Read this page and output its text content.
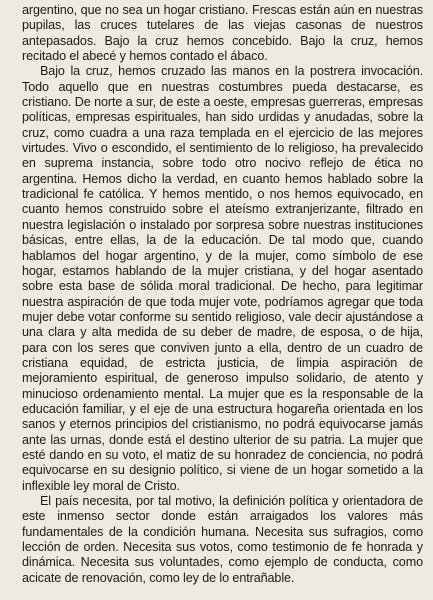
argentino, que no sea un hogar cristiano. Frescas están aún en nuestras pupilas, las cruces tutelares de las viejas casonas de nuestros antepasados. Bajo la cruz hemos concebido. Bajo la cruz, hemos recitado el abecé y hemos contado el ábaco.

Bajo la cruz, hemos cruzado las manos en la postrera invocación. Todo aquello que en nuestras costumbres pueda destacarse, es cristiano. De norte a sur, de este a oeste, empresas guerreras, empresas políticas, empresas espirituales, han sido urdidas y anudadas, sobre la cruz, como cuadra a una raza templada en el ejercicio de las mejores virtudes. Vivo o escondido, el sentimiento de lo religioso, ha prevalecido en suprema instancia, sobre todo otro nocivo reflejo de ética no argentina. Hemos dicho la verdad, en cuanto hemos hablado sobre la tradicional fe católica. Y hemos mentido, o nos hemos equivocado, en cuanto hemos construido sobre el ateísmo extranjerizante, filtrado en nuestra legislación o instalado por sorpresa sobre nuestras instituciones básicas, entre ellas, la de la educación. De tal modo que, cuando hablamos del hogar argentino, y de la mujer, como símbolo de ese hogar, estamos hablando de la mujer cristiana, y del hogar asentado sobre esta base de sólida moral tradicional. De hecho, para legitimar nuestra aspiración de que toda mujer vote, podríamos agregar que toda mujer debe votar conforme su sentido religioso, vale decir ajustándose a una clara y alta medida de su deber de madre, de esposa, o de hija, para con los seres que conviven junto a ella, dentro de un cuadro de cristiana equidad, de estricta justicia, de limpia aspiración de mejoramiento espiritual, de generoso impulso solidario, de atento y minucioso ordenamiento mental. La mujer que es la responsable de la educación familiar, y el eje de una estructura hogareña orientada en los sanos y eternos principios del cristianismo, no podrá equivocarse jamás ante las urnas, donde está el destino ulterior de su patria. La mujer que esté dando en su voto, el matiz de su honradez de conciencia, no podrá equivocarse en su designio político, si viene de un hogar sometido a la inflexible ley moral de Cristo.

El país necesita, por tal motivo, la definición política y orientadora de este inmenso sector donde están arraigados los valores más fundamentales de la condición humana. Necesita sus sufragios, como lección de orden. Necesita sus votos, como testimonio de fe honrada y dinámica. Necesita sus voluntades, como ejemplo de conducta, como acicate de renovación, como ley de lo entrañable.
